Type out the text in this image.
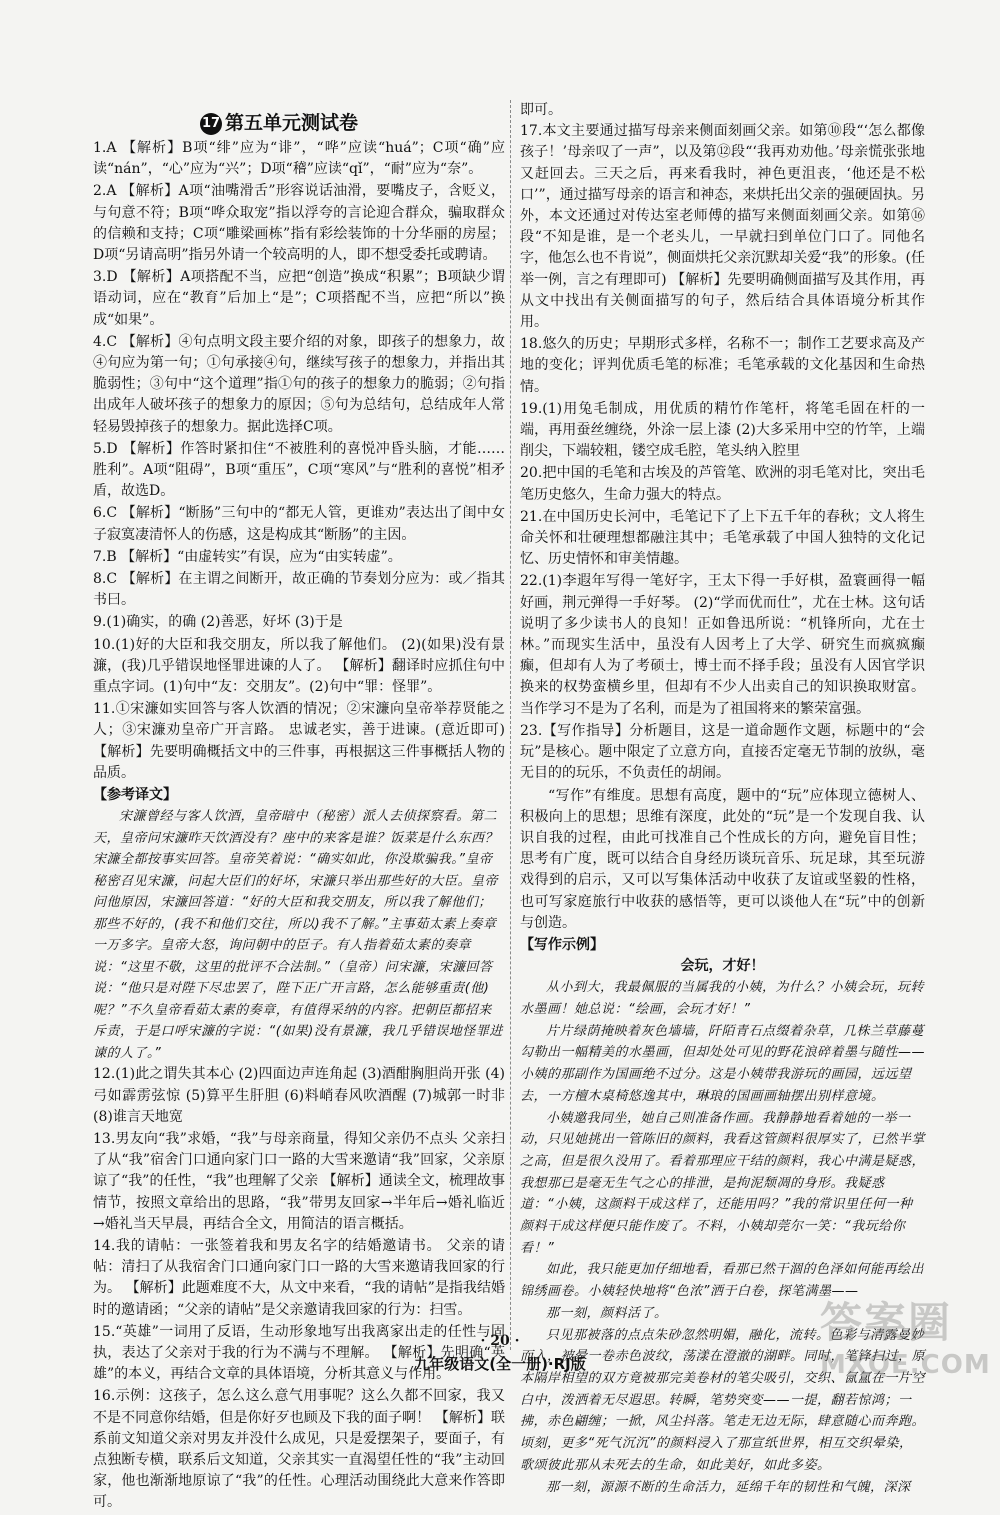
17 第五单元测试卷

1.A 【解析】B项“绯”应为“诽”，“哗”应读“huá”；C项“确”应读“nán”，“心”应为“兴”；D项“稽”应读“qǐ”，“耐”应为“奈”。

2.A 【解析】A项“油嘴滑舌”形容说话油滑，要嘴皮子，含贬义，与句意不符；B项“哗众取宠”指以浮夸的言论迎合群众，骗取群众的信赖和支持；C项“雕梁画栋”指有彩绘装饰的十分华丽的房屋；D项“另请高明”指另外请一个较高明的人，即不想受委托或聘请。

3.D 【解析】A项搭配不当，应把“创造”换成“积累”；B项缺少谓语动词，应在“教育”后加上“是”；C项搭配不当，应把“所以”换成“如果”。

4.C 【解析】④句点明文段主要介绍的对象，即孩子的想象力，故④句应为第一句；①句承接④句，继续写孩子的想象力，并指出其脆弱性；③句中“这个道理”指①句的孩子的想象力的脆弱；②句指出成年人破坏孩子的想象力的原因；⑤句为总结句，总结成年人常轻易毁掉孩子的想象力。据此选择C项。

5.D 【解析】作答时紧扣住“不被胜利的喜悦冲昏头脑，才能……胜利”。A项“阻碍”，B项“重压”，C项“寒风”与“胜利的喜悦”相矛盾，故选D。

6.C 【解析】“断肠”三句中的“都无人管，更谁劝”表达出了闺中女子寂寞凄清怀人的伤感，这是构成其“断肠”的主因。

7.B 【解析】“由虚转实”有误，应为“由实转虚”。

8.C 【解析】在主谓之间断开，故正确的节奏划分应为：或／指其书曰。

9.(1)确实，的确 (2)善恶，好坏 (3)于是

10.(1)好的大臣和我交朋友，所以我了解他们。 (2)(如果)没有景濂，(我)几乎错误地怪罪进谏的人了。 【解析】翻译时应抓住句中重点字词。(1)句中“友：交朋友”。(2)句中“罪：怪罪”。

11.①宋濂如实回答与客人饮酒的情况；②宋濂向皇帝举荐贤能之人；③宋濂劝皇帝广开言路。 忠诚老实，善于进谏。(意近即可) 【解析】先要明确概括文中的三件事，再根据这三件事概括人物的品质。

【参考译文】

宋濂曾经与客人饮酒，皇帝暗中（秘密）派人去侦探察看。第二天，皇帝问宋濂昨天饮酒没有？座中的来客是谁？饭菜是什么东西？宋濂全都按事实回答。皇帝笑着说：“确实如此，你没欺骗我。”皇帝秘密召见宋濂，问起大臣们的好坏，宋濂只举出那些好的大臣。皇帝问他原因，宋濂回答道：“好的大臣和我交朋友，所以我了解他们；那些不好的，(我不和他们交往，所以)我不了解。”主事茹太素上奏章一万多字。皇帝大怒，询问朝中的臣子。有人指着茹太素的奏章说：“这里不敬，这里的批评不合法制。”（皇帝）问宋濂，宋濂回答说：“他只是对陛下尽忠罢了，陛下正广开言路，怎么能够重责(他)呢？”不久皇帝看茹太素的奏章，有值得采纳的内容。把朝臣都招来斥责，于是口呼宋濂的字说：“(如果)没有景濂，我几乎错误地怪罪进谏的人了。”

12.(1)此之谓失其本心 (2)四面边声连角起 (3)酒酣胸胆尚开张 (4)弓如霹雳弦惊 (5)算平生肝胆 (6)料峭春风吹酒醒 (7)城郭一时非 (8)谁言天地宽

13.男友向“我”求婚，“我”与母亲商量，得知父亲仍不点头 父亲扫了从“我”宿舍门口通向家门口一路的大雪来邀请“我”回家，父亲原谅了“我”的任性，“我”也理解了父亲 【解析】通读全文，梳理故事情节，按照文章给出的思路，“我”带男友回家→半年后→婚礼临近→婚礼当天早晨，再结合全文，用简洁的语言概括。

14.我的请帖：一张签着我和男友名字的结婚邀请书。 父亲的请帖：清扫了从我宿舍门口通向家门口一路的大雪来邀请我回家的行为。 【解析】此题难度不大，从文中来看，“我的请帖”是指我结婚时的邀请函；“父亲的请帖”是父亲邀请我回家的行为：扫雪。

15.“英雄”一词用了反语，生动形象地写出我离家出走的任性与固执，表达了父亲对于我的行为不满与不理解。 【解析】先明确“英雄”的本义，再结合文章的具体语境，分析其意义与作用。

16.示例：这孩子，怎么这么意气用事呢？这么久都不回家，我又不是不同意你结婚，但是你好歹也顾及下我的面子啊！ 【解析】联系前文知道父亲对男友并没什么成见，只是爱摆架子，要面子，有点独断专横，联系后文知道，父亲其实一直渴望任性的“我”主动回家，他也渐渐地原谅了“我”的任性。心理活动围绕此大意来作答即可。

即可。

17.本文主要通过描写母亲来侧面刻画父亲。如第⑩段“‘怎么都像孩子！’母亲叹了一声”，以及第⑫段“‘我再劝劝他。’母亲慌张张地又赶回去。三天之后，再来看我时，神色更沮丧，‘他还是不松口’”，通过描写母亲的语言和神态，来烘托出父亲的强硬固执。另外，本文还通过对传达室老师傅的描写来侧面刻画父亲。如第⑯段“不知是谁，是一个老头儿，一早就扫到单位门口了。同他名字，他怎么也不肯说”，侧面烘托父亲沉默却关爱“我”的形象。(任举一例，言之有理即可) 【解析】先要明确侧面描写及其作用，再从文中找出有关侧面描写的句子，然后结合具体语境分析其作用。

18.悠久的历史；早期形式多样，名称不一；制作工艺要求高及产地的变化；评判优质毛笔的标准；毛笔承载的文化基因和生命热情。

19.(1)用兔毛制成，用优质的精竹作笔杆，将笔毛固在杆的一端，再用蚕丝缠绕，外涂一层上漆 (2)大多采用中空的竹竿，上端削尖，下端较粗，镂空成毛腔，笔头纳入腔里

20.把中国的毛笔和古埃及的芦管笔、欧洲的羽毛笔对比，突出毛笔历史悠久，生命力强大的特点。

21.在中国历史长河中，毛笔记下了上下五千年的春秋；文人将生命关怀和壮硬理想都融注其中；毛笔承载了中国人独特的文化记忆、历史情怀和审美情趣。

22.(1)李遐年写得一笔好字，王太下得一手好棋，盈寰画得一幅好画，荆元弹得一手好琴。 (2)“学而优而仕”，尤在士林。这句话说明了多少读书人的良知！正如鲁迅所说：“机锋所向，尤在士林。”而现实生活中，虽没有人因考上了大学、研究生而疯疯癫癫，但却有人为了考硕士，博士而不择手段；虽没有人因官学识换来的权势蛮横乡里，但却有不少人出卖自己的知识换取财富。当作学习不是为了名利，而是为了祖国将来的繁荣富强。

23.【写作指导】分析题目，这是一道命题作文题，标题中的“会玩”是核心。题中限定了立意方向，直接否定毫无节制的放纵，毫无目的的玩乐，不负责任的胡闹。

“写作”有维度。思想有高度，题中的“玩”应体现立德树人、积极向上的思想；思维有深度，此处的“玩”是一个发现自我、认识自我的过程，由此可找准自己个性成长的方向，避免盲目性；思考有广度，既可以结合自身经历谈玩音乐、玩足球，其至玩游戏得到的启示，又可以写集体活动中收获了友谊或坚毅的性格，也可写家庭旅行中收获的感悟等，更可以谈他人在“玩”中的创新与创造。

【写作示例】

会玩，才好！

从小到大，我最佩服的当属我的小姨，为什么？小姨会玩，玩转水墨画！她总说：“绘画，会玩才好！”

片片绿荫掩映着灰色墙墙，阡陌青石点缀着杂草，几株兰草藤蔓勾勒出一幅精美的水墨画，但却处处可见的野花浪碎着墨与随性——小姨的那副作为国画绝不过分。这是小姨带我游玩的画园，远远望去，一方檀木桌椅悠逸其中，琳琅的国画画轴摆出别样意境。

小姨邀我同坐，她自己则准备作画。我静静地看着她的一举一动，只见她挑出一管陈旧的颜料，我看这管颜料很厚实了，已然半掌之高，但是很久没用了。看着那理应干结的颜料，我心中满是疑惑，我想那已是毫无生气之心的排泄，是拘泥颓凋的身形。我疑惑道：“小姨，这颜料干成这样了，还能用吗？”我的常识里任何一种颜料干成这样便只能作废了。不料，小姨却莞尔一笑：“我玩给你看！”

如此，我只能更加仔细地看，看那已然干涸的色泽如何能再绘出锦绣画卷。小姨轻快地将“色浓”洒于白卷，探笔满墨——

那一刻，颜料活了。

只见那被落的点点朱砂忽然明媚，融化，流转。色彩与清露曼妙而入，被晕一卷赤色波纹，荡漾在澄澈的湖畔。同时，笔锋扫过，原本隔岸相望的双方竟被那完美卷材的笔尖吸引，交织、氤氲在一片空白中，泼洒着无尽遐思。转瞬，笔势突变——一提，翻若惊鸿；一拂，赤色翩缠；一掀，风尘抖落。笔走无边无际，肆意随心而奔跑。顷刻，更多“死气沉沉”的颜料浸入了那宣纸世界，相互交织晕染，歌颂彼此那从未死去的生命，如此美好，如此多姿。

那一刻，源源不断的生命活力，延绵千年的韧性和气魄，深深

· 20 ·
九年级语文(全一册)·RJ版
答案圈
MXQE.COM
